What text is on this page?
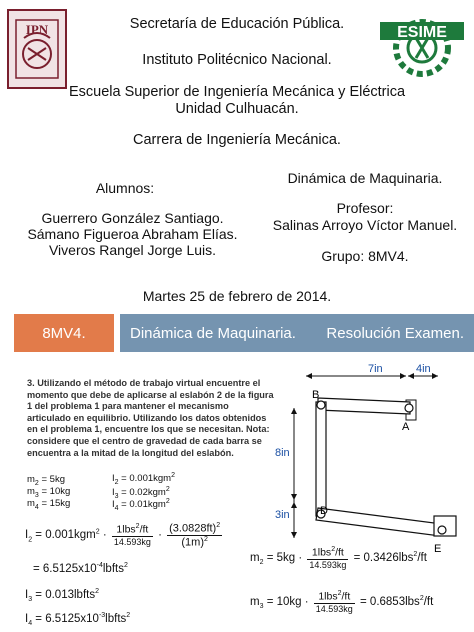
IPN	ESIME
Secretaría de Educación Pública.
Instituto Politécnico Nacional.
Escuela Superior de Ingeniería Mecánica y Eléctrica
Unidad Culhuacán.
Carrera de Ingeniería Mecánica.
Alumnos:
Guerrero González Santiago.
Sámano Figueroa Abraham Elías.
Viveros Rangel Jorge Luis.
Dinámica de Maquinaria.
Profesor:
Salinas Arroyo Víctor Manuel.
Grupo: 8MV4.
Martes 25 de febrero de 2014.
8MV4.	Dinámica de Maquinaria. Resolución Examen.
3. Utilizando el método de trabajo virtual encuentre el momento que debe de aplicarse al eslabón 2 de la figura 1 del problema 1 para mantener el mecanismo articulado en equilibrio. Utilizando los datos obtenidos en el problema 1, encuentre los que se necesitan. Nota: considere que el centro de gravedad de cada barra se encuentra a la mitad de la longitud del eslabón.
$m_2 = 5kg$
$m_3 = 10kg$
$m_4 = 15kg$
$I_2 = 0.001kgm^2$
$I_3 = 0.02kgm^2$
$I_4 = 0.01kgm^2$
$I_2 = 0.001kgm^2 \cdot \frac{1lbs^2/ft}{14.593kg} \cdot \frac{(3.0828ft)^2}{(1m)^2}$
= $6.5125x10^{-4}lbfts^2$
$I_3$ = 0.013lbfts$^2$
$I_4$ = $6.5125x10^{-3}lbfts^2$
$m_2 = 5kg \cdot \frac{1lbs^2/ft}{14.593kg} = 0.3426lbs^2/ft$
$m_3 = 10kg \cdot \frac{1lbs^2/ft}{14.593kg} = 0.6853lbs^2/ft$
7in	4in
8in
3in
B
A
D
E
